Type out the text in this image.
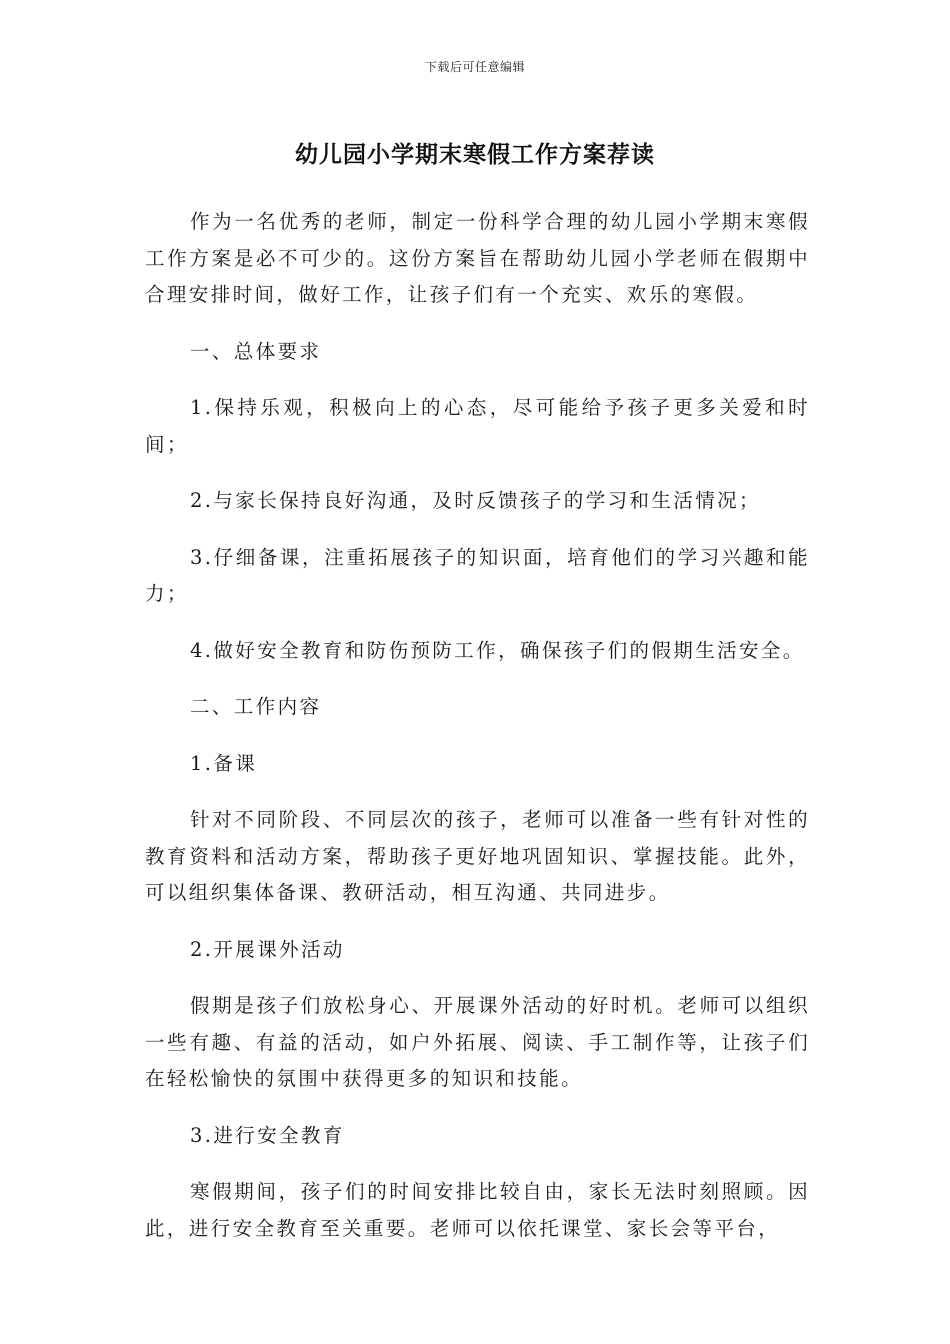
下载后可任意编辑
幼儿园小学期末寒假工作方案荐读

作为一名优秀的老师，制定一份科学合理的幼儿园小学期末寒假工作方案是必不可少的。这份方案旨在帮助幼儿园小学老师在假期中合理安排时间，做好工作，让孩子们有一个充实、欢乐的寒假。

一、总体要求

1.保持乐观，积极向上的心态，尽可能给予孩子更多关爱和时间；

2.与家长保持良好沟通，及时反馈孩子的学习和生活情况；

3.仔细备课，注重拓展孩子的知识面，培育他们的学习兴趣和能力；

4.做好安全教育和防伤预防工作，确保孩子们的假期生活安全。

二、工作内容

1.备课

针对不同阶段、不同层次的孩子，老师可以准备一些有针对性的教育资料和活动方案，帮助孩子更好地巩固知识、掌握技能。此外，可以组织集体备课、教研活动，相互沟通、共同进步。

2.开展课外活动

假期是孩子们放松身心、开展课外活动的好时机。老师可以组织一些有趣、有益的活动，如户外拓展、阅读、手工制作等，让孩子们在轻松愉快的氛围中获得更多的知识和技能。

3.进行安全教育

寒假期间，孩子们的时间安排比较自由，家长无法时刻照顾。因此，进行安全教育至关重要。老师可以依托课堂、家长会等平台，
